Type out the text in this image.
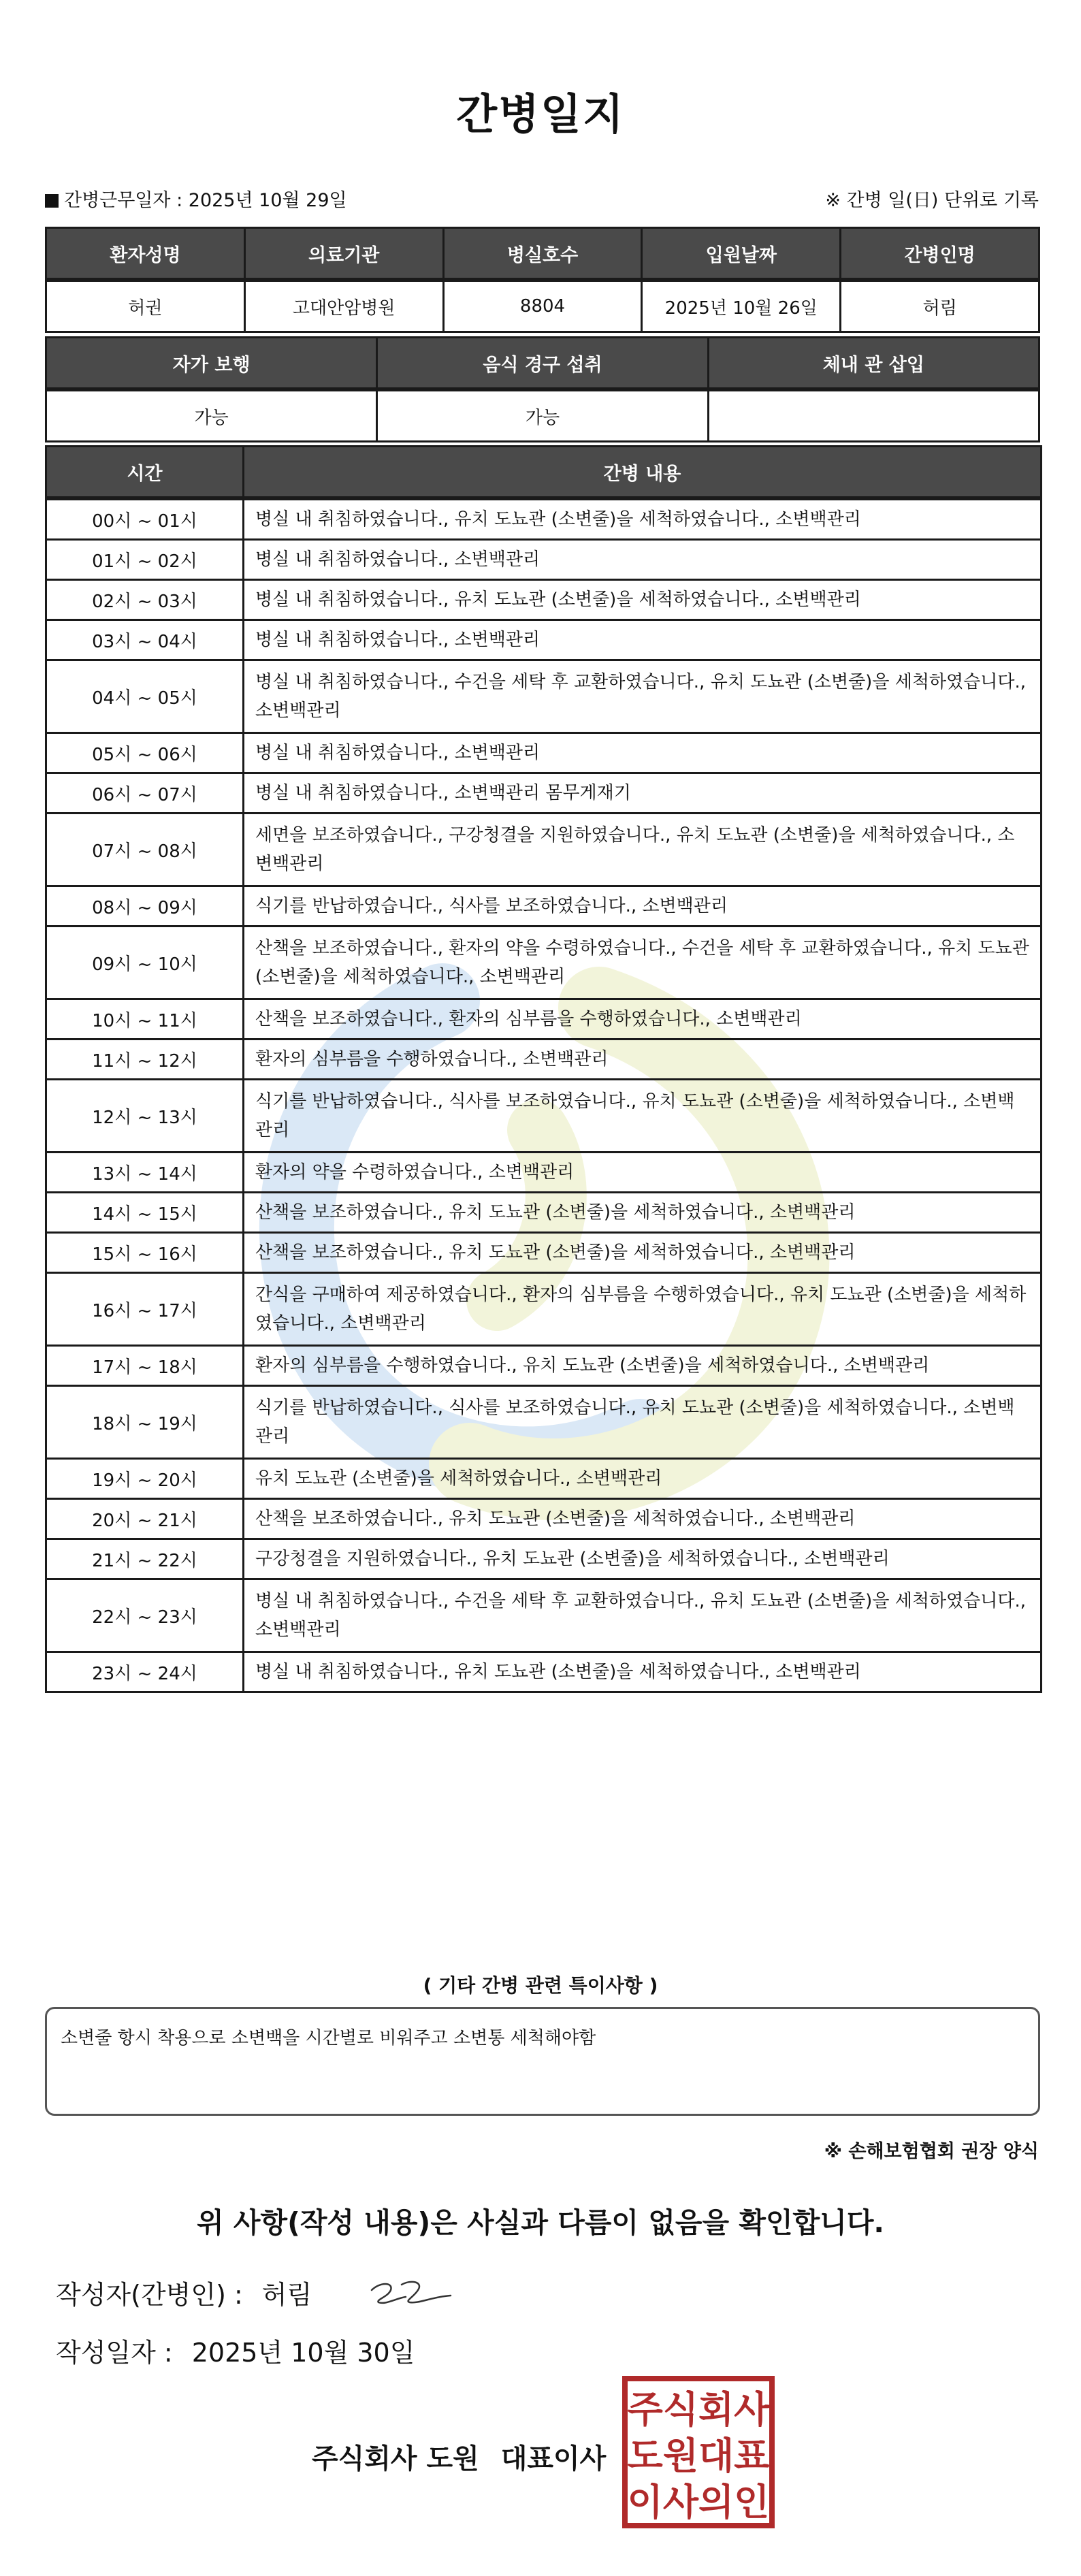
간병일지
간병근무일자 : 2025년 10월 29일	※ 간병 일(日) 단위로 기록
환자성명	의료기관	병실호수	입원날짜	간병인명
허권	고대안암병원	8804	2025년 10월 26일	허림
자가 보행	음식 경구 섭취	체내 관 삽입
가능	가능	
시간	간병 내용
00시 ~ 01시	병실 내 취침하였습니다., 유치 도뇨관 (소변줄)을 세척하였습니다., 소변백관리
01시 ~ 02시	병실 내 취침하였습니다., 소변백관리
02시 ~ 03시	병실 내 취침하였습니다., 유치 도뇨관 (소변줄)을 세척하였습니다., 소변백관리
03시 ~ 04시	병실 내 취침하였습니다., 소변백관리
04시 ~ 05시	병실 내 취침하였습니다., 수건을 세탁 후 교환하였습니다., 유치 도뇨관 (소변줄)을 세척하였습니다., 소변백관리
05시 ~ 06시	병실 내 취침하였습니다., 소변백관리
06시 ~ 07시	병실 내 취침하였습니다., 소변백관리 몸무게재기
07시 ~ 08시	세면을 보조하였습니다., 구강청결을 지원하였습니다., 유치 도뇨관 (소변줄)을 세척하였습니다., 소변백관리
08시 ~ 09시	식기를 반납하였습니다., 식사를 보조하였습니다., 소변백관리
09시 ~ 10시	산책을 보조하였습니다., 환자의 약을 수령하였습니다., 수건을 세탁 후 교환하였습니다., 유치 도뇨관 (소변줄)을 세척하였습니다., 소변백관리
10시 ~ 11시	산책을 보조하였습니다., 환자의 심부름을 수행하였습니다., 소변백관리
11시 ~ 12시	환자의 심부름을 수행하였습니다., 소변백관리
12시 ~ 13시	식기를 반납하였습니다., 식사를 보조하였습니다., 유치 도뇨관 (소변줄)을 세척하였습니다., 소변백관리
13시 ~ 14시	환자의 약을 수령하였습니다., 소변백관리
14시 ~ 15시	산책을 보조하였습니다., 유치 도뇨관 (소변줄)을 세척하였습니다., 소변백관리
15시 ~ 16시	산책을 보조하였습니다., 유치 도뇨관 (소변줄)을 세척하였습니다., 소변백관리
16시 ~ 17시	간식을 구매하여 제공하였습니다., 환자의 심부름을 수행하였습니다., 유치 도뇨관 (소변줄)을 세척하였습니다., 소변백관리
17시 ~ 18시	환자의 심부름을 수행하였습니다., 유치 도뇨관 (소변줄)을 세척하였습니다., 소변백관리
18시 ~ 19시	식기를 반납하였습니다., 식사를 보조하였습니다., 유치 도뇨관 (소변줄)을 세척하였습니다., 소변백관리
19시 ~ 20시	유치 도뇨관 (소변줄)을 세척하였습니다., 소변백관리
20시 ~ 21시	산책을 보조하였습니다., 유치 도뇨관 (소변줄)을 세척하였습니다., 소변백관리
21시 ~ 22시	구강청결을 지원하였습니다., 유치 도뇨관 (소변줄)을 세척하였습니다., 소변백관리
22시 ~ 23시	병실 내 취침하였습니다., 수건을 세탁 후 교환하였습니다., 유치 도뇨관 (소변줄)을 세척하였습니다., 소변백관리
23시 ~ 24시	병실 내 취침하였습니다., 유치 도뇨관 (소변줄)을 세척하였습니다., 소변백관리
( 기타 간병 관련 특이사항 )
소변줄 항시 착용으로 소변백을 시간별로 비워주고 소변통 세척해야함
※ 손해보험협회 권장 양식
위 사항(작성 내용)은 사실과 다름이 없음을 확인합니다.
작성자(간병인) : 허림
작성일자 : 2025년 10월 30일
주식회사 도원 대표이사
주식회사
도원대표
이사의인
